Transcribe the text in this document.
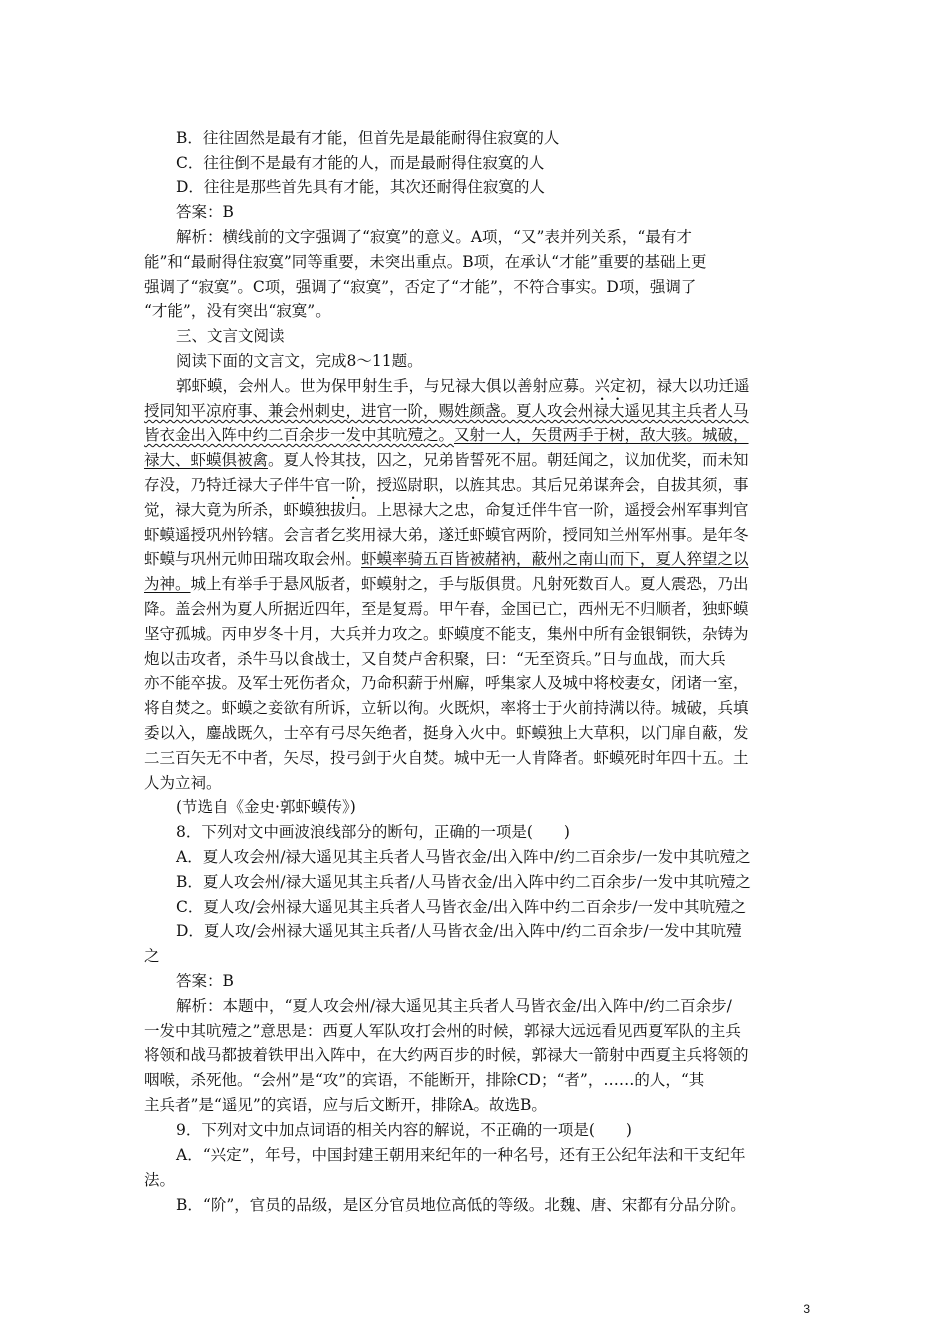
B．往往固然是最有才能，但首先是最能耐得住寂寞的人
C．往往倒不是最有才能的人，而是最耐得住寂寞的人
D．往往是那些首先具有才能，其次还耐得住寂寞的人
答案：B
解析：横线前的文字强调了“寂寞”的意义。A项，“又”表并列关系，“最有才
能”和“最耐得住寂寞”同等重要，未突出重点。B项，在承认“才能”重要的基础上更
强调了“寂寞”。C项，强调了“寂寞”，否定了“才能”，不符合事实。D项，强调了
“才能”，没有突出“寂寞”。
三、文言文阅读
阅读下面的文言文，完成8～11题。
郭虾蟆，会州人。世为保甲射生手，与兄禄大俱以善射应募。兴定初，禄大以功迁遥
授同知平凉府事、兼会州刺史，进官一阶，赐姓颜盏。夏人攻会州禄大遥见其主兵者人马
皆衣金出入阵中约二百余步一发中其吭殪之。又射一人，矢贯两手于树，敌大骇。城破，
禄大、虾蟆俱被禽。夏人怜其技，囚之，兄弟皆誓死不屈。朝廷闻之，议加优奖，而未知
存没，乃特迁禄大子伴牛官一阶，授巡尉职，以旌其忠。其后兄弟谋奔会，自拔其须，事
觉，禄大竟为所杀，虾蟆独拔归。上思禄大之忠，命复迁伴牛官一阶，遥授会州军事判官
虾蟆遥授巩州钤辖。会言者乞奖用禄大弟，遂迁虾蟆官两阶，授同知兰州军州事。是年冬
虾蟆与巩州元帅田瑞攻取会州。虾蟆率骑五百皆被赭衲，蔽州之南山而下，夏人猝望之以
为神。城上有举手于悬风版者，虾蟆射之，手与版俱贯。凡射死数百人。夏人震恐，乃出
降。盖会州为夏人所据近四年，至是复焉。甲午春，金国已亡，西州无不归顺者，独虾蟆
坚守孤城。丙申岁冬十月，大兵并力攻之。虾蟆度不能支，集州中所有金银铜铁，杂铸为
炮以击攻者，杀牛马以食战士，又自焚卢舍积聚，曰：“无至资兵。”日与血战，而大兵
亦不能卒拔。及军士死伤者众，乃命积薪于州廨，呼集家人及城中将校妻女，闭诸一室，
将自焚之。虾蟆之妾欲有所诉，立斩以徇。火既炽，率将士于火前持满以待。城破，兵填
委以入，鏖战既久，士卒有弓尽矢绝者，挺身入火中。虾蟆独上大草积，以门扉自蔽，发
二三百矢无不中者，矢尽，投弓剑于火自焚。城中无一人肯降者。虾蟆死时年四十五。土
人为立祠。
(节选自《金史·郭虾蟆传》)
8．下列对文中画波浪线部分的断句，正确的一项是(　　)
A．夏人攻会州/禄大遥见其主兵者人马皆衣金/出入阵中/约二百余步/一发中其吭殪之
B．夏人攻会州/禄大遥见其主兵者/人马皆衣金/出入阵中约二百余步/一发中其吭殪之
C．夏人攻/会州禄大遥见其主兵者人马皆衣金/出入阵中约二百余步/一发中其吭殪之
D．夏人攻/会州禄大遥见其主兵者/人马皆衣金/出入阵中/约二百余步/一发中其吭殪
之
答案：B
解析：本题中，“夏人攻会州/禄大遥见其主兵者人马皆衣金/出入阵中/约二百余步/
一发中其吭殪之”意思是：西夏人军队攻打会州的时候，郭禄大远远看见西夏军队的主兵
将领和战马都披着铁甲出入阵中，在大约两百步的时候，郭禄大一箭射中西夏主兵将领的
咽喉，杀死他。“会州”是“攻”的宾语，不能断开，排除CD；“者”，……的人，“其
主兵者”是“遥见”的宾语，应与后文断开，排除A。故选B。
9．下列对文中加点词语的相关内容的解说，不正确的一项是(　　)
A．“兴定”，年号，中国封建王朝用来纪年的一种名号，还有王公纪年法和干支纪年
法。
B．“阶”，官员的品级，是区分官员地位高低的等级。北魏、唐、宋都有分品分阶。
3
